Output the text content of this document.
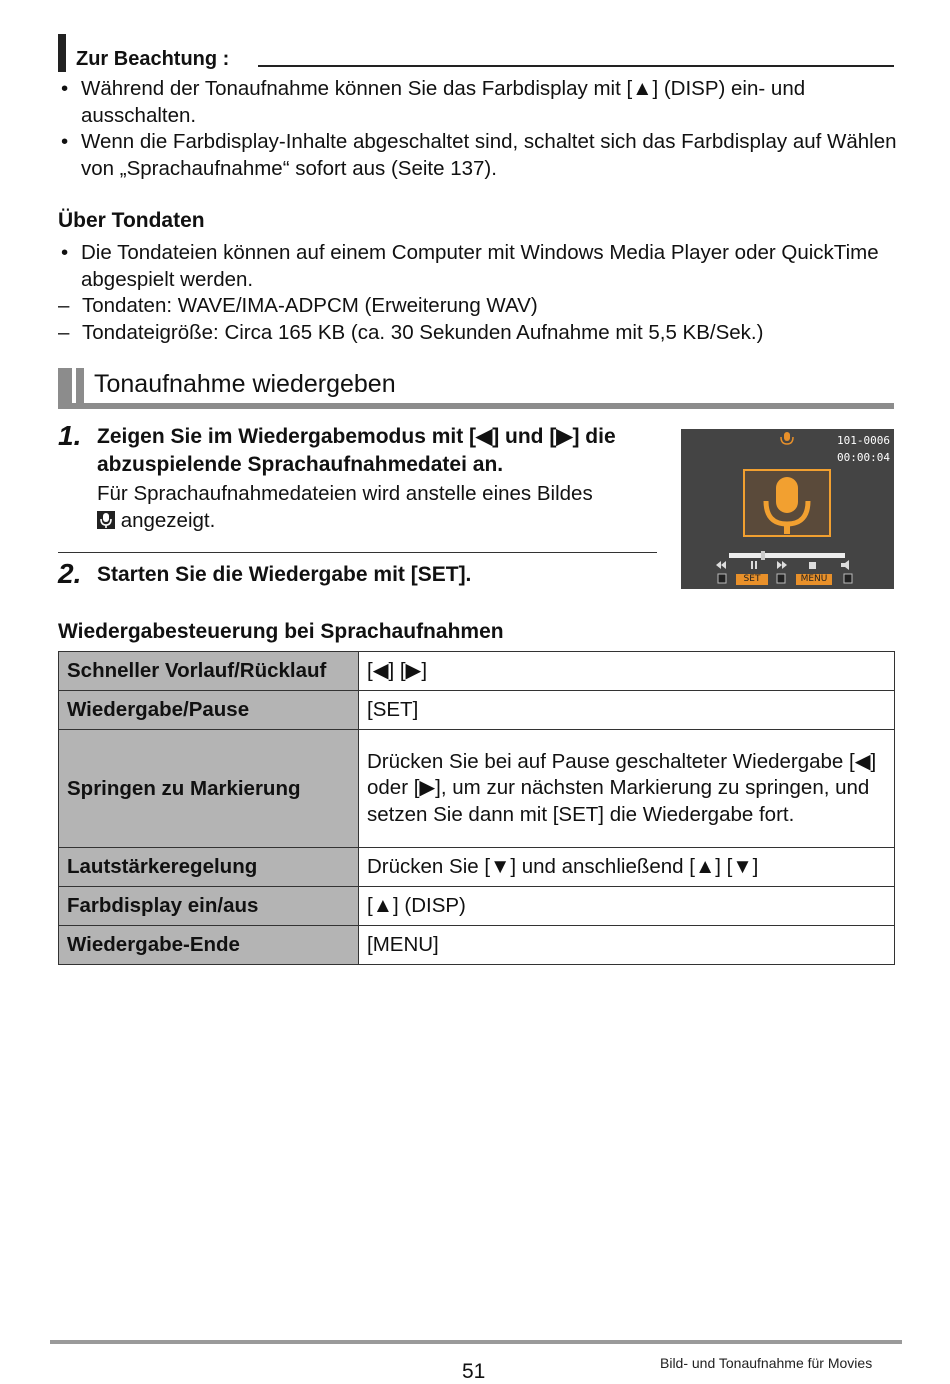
Zur Beachtung :
• Während der Tonaufnahme können Sie das Farbdisplay mit [▲] (DISP) ein- und ausschalten.
• Wenn die Farbdisplay-Inhalte abgeschaltet sind, schaltet sich das Farbdisplay auf Wählen von „Sprachaufnahme“ sofort aus (Seite 137).
Über Tondaten
• Die Tondateien können auf einem Computer mit Windows Media Player oder QuickTime abgespielt werden.
– Tondaten: WAVE/IMA-ADPCM (Erweiterung WAV)
– Tondateigröße: Circa 165 KB (ca. 30 Sekunden Aufnahme mit 5,5 KB/Sek.)
Tonaufnahme wiedergeben
1. Zeigen Sie im Wiedergabemodus mit [◀] und [▶] die abzuspielende Sprachaufnahmedatei an.
Für Sprachaufnahmedateien wird anstelle eines Bildes

angezeigt.
2. Starten Sie die Wiedergabe mit [SET].
101-0006
00:00:04
SET	MENU
Wiedergabesteuerung bei Sprachaufnahmen
Schneller Vorlauf/Rücklauf	[◀] [▶]
Wiedergabe/Pause	[SET]
Springen zu Markierung	Drücken Sie bei auf Pause geschalteter Wiedergabe [◀] oder [▶], um zur nächsten Markierung zu springen, und setzen Sie dann mit [SET] die Wiedergabe fort.
Lautstärkeregelung	Drücken Sie [▼] und anschließend [▲] [▼]
Farbdisplay ein/aus	[▲] (DISP)
Wiedergabe-Ende	[MENU]
51	Bild- und Tonaufnahme für Movies
